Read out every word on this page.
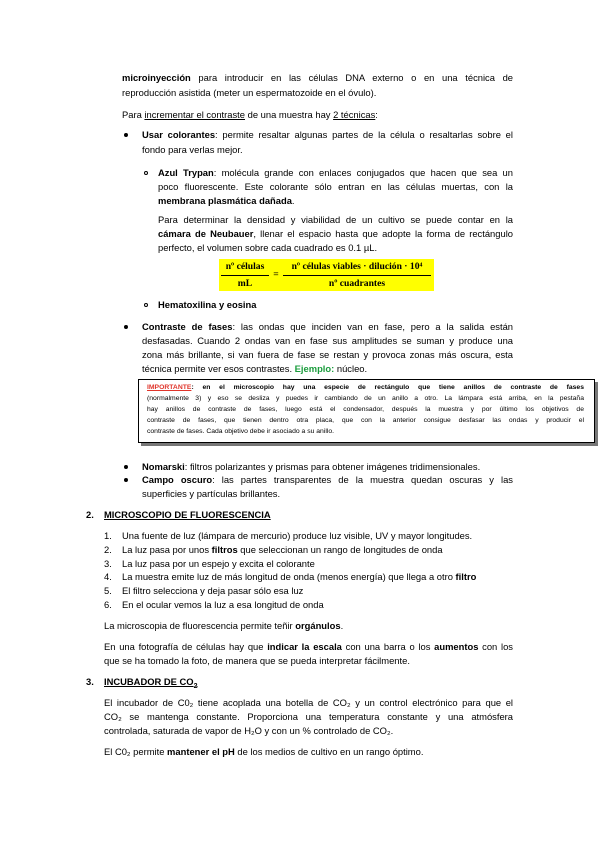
microinyección para introducir en las células DNA externo o en una técnica de
reproducción asistida (meter un espermatozoide en el óvulo).
Para incrementar el contraste de una muestra hay 2 técnicas:
Usar colorantes: permite resaltar algunas partes de la célula o resaltarlas sobre el
fondo para verlas mejor.
Azul Trypan: molécula grande con enlaces conjugados que hacen que sea un
poco fluorescente. Este colorante sólo entran en las células muertas, con la
membrana plasmática dañada.
Para determinar la densidad y viabilidad de un cultivo se puede contar en la
cámara de Neubauer, llenar el espacio hasta que adopte la forma de rectángulo
perfecto, el volumen sobre cada cuadrado es 0.1 µL.
nº células
mL
=
nº células viables · dilución · 10⁴
nº cuadrantes
Hematoxilina y eosina
Contraste de fases: las ondas que inciden van en fase, pero a la salida están
desfasadas. Cuando 2 ondas van en fase sus amplitudes se suman y produce una
zona más brillante, si van fuera de fase se restan y provoca zonas más oscura, esta
técnica permite ver esos contrastes. Ejemplo: núcleo.
IMPORTANTE: en el microscopio hay una especie de rectángulo que tiene anillos de contraste de fases
(normalmente 3) y eso se desliza y puedes ir cambiando de un anillo a otro. La lámpara está arriba, en la pestaña
hay anillos de contraste de fases, luego está el condensador, después la muestra y por último los objetivos de
contraste de fases, que tienen dentro otra placa, que con la anterior consigue desfasar las ondas y producir el
contraste de fases. Cada objetivo debe ir asociado a su anillo.
Nomarski: filtros polarizantes y prismas para obtener imágenes tridimensionales.
Campo oscuro: las partes transparentes de la muestra quedan oscuras y las
superficies y partículas brillantes.
2. MICROSCOPIO DE FLUORESCENCIA
1. Una fuente de luz (lámpara de mercurio) produce luz visible, UV y mayor longitudes.
2. La luz pasa por unos filtros que seleccionan un rango de longitudes de onda
3. La luz pasa por un espejo y excita el colorante
4. La muestra emite luz de más longitud de onda (menos energía) que llega a otro filtro
5. El filtro selecciona y deja pasar sólo esa luz
6. En el ocular vemos la luz a esa longitud de onda
La microscopia de fluorescencia permite teñir orgánulos.
En una fotografía de células hay que indicar la escala con una barra o los aumentos con los
que se ha tomado la foto, de manera que se pueda interpretar fácilmente.
3. INCUBADOR DE $CO_2$
El incubador de C0₂ tiene acoplada una botella de CO₂ y un control electrónico para que el
CO₂ se mantenga constante. Proporciona una temperatura constante y una atmósfera
controlada, saturada de vapor de H₂O y con un % controlado de CO₂.
El C0₂ permite mantener el pH de los medios de cultivo en un rango óptimo.
